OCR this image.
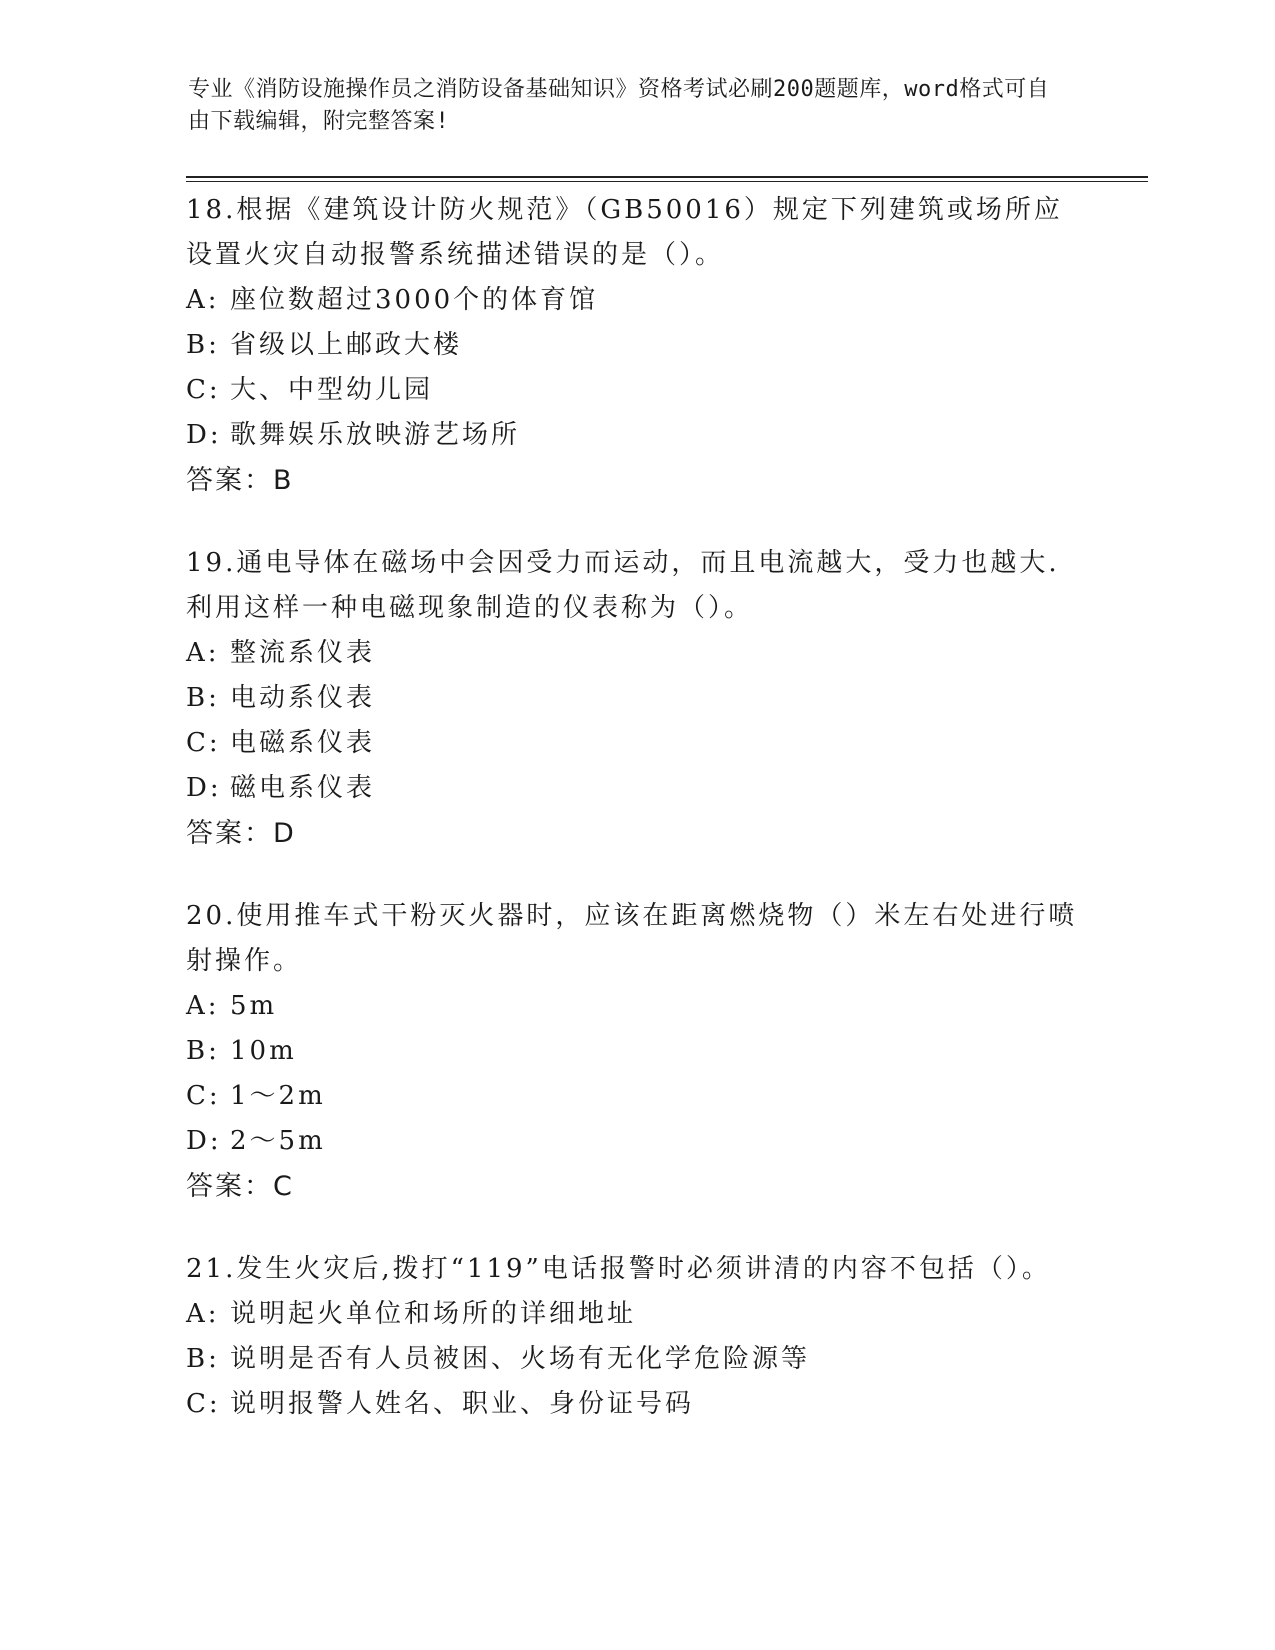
专业《消防设施操作员之消防设备基础知识》资格考试必刷200题题库，word格式可自由下载编辑，附完整答案!
18.根据《建筑设计防火规范》（GB50016）规定下列建筑或场所应设置火灾自动报警系统描述错误的是（）。
A: 座位数超过3000个的体育馆
B: 省级以上邮政大楼
C: 大、中型幼儿园
D: 歌舞娱乐放映游艺场所
答案：B
19.通电导体在磁场中会因受力而运动，而且电流越大，受力也越大.利用这样一种电磁现象制造的仪表称为（）。
A: 整流系仪表
B: 电动系仪表
C: 电磁系仪表
D: 磁电系仪表
答案：D
20.使用推车式干粉灭火器时，应该在距离燃烧物（）米左右处进行喷射操作。
A: 5m
B: 10m
C: 1～2m
D: 2～5m
答案：C
21.发生火灾后,拨打“119”电话报警时必须讲清的内容不包括（）。
A: 说明起火单位和场所的详细地址
B: 说明是否有人员被困、火场有无化学危险源等
C: 说明报警人姓名、职业、身份证号码
